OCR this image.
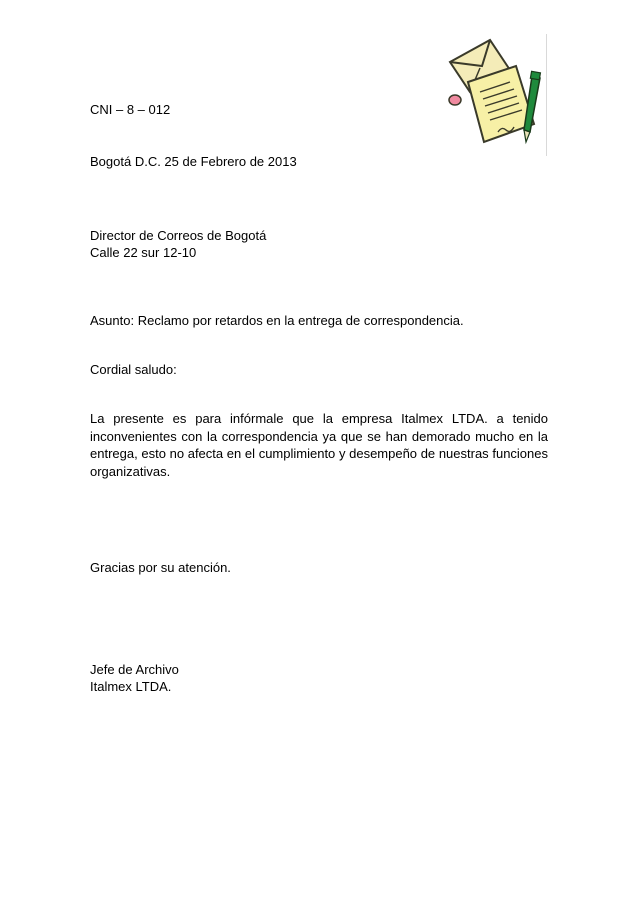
CNI – 8 – 012
Bogotá D.C. 25 de Febrero de 2013
Director de Correos de Bogotá
Calle 22 sur 12-10
Asunto: Reclamo por retardos en la entrega de correspondencia.
Cordial saludo:
La presente es para infórmale que la empresa Italmex LTDA. a tenido inconvenientes con la correspondencia ya que se han demorado mucho en la entrega, esto no afecta en el cumplimiento y desempeño de nuestras funciones organizativas.
Gracias por su atención.
Jefe de Archivo
Italmex LTDA.
